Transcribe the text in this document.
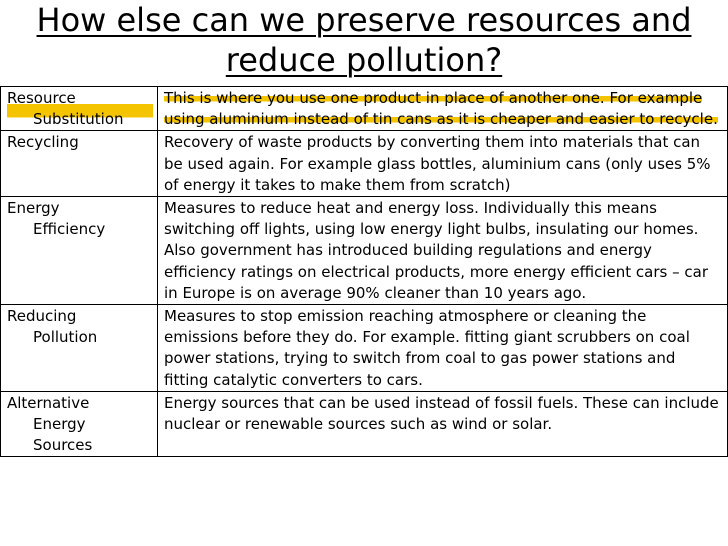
How else can we preserve resources and
reduce pollution?
Resource
Substitution	This is where you use one product in place of another one. For example using aluminium instead of tin cans as it is cheaper and easier to recycle.

Recycling	Recovery of waste products by converting them into materials that can be used again. For example glass bottles, aluminium cans (only uses 5% of energy it takes to make them from scratch)

Energy
Efficiency	Measures to reduce heat and energy loss. Individually this means switching off lights, using low energy light bulbs, insulating our homes. Also government has introduced building regulations and energy efficiency ratings on electrical products, more energy efficient cars – car in Europe is on average 90% cleaner than 10 years ago.

Reducing
Pollution	Measures to stop emission reaching atmosphere or cleaning the emissions before they do. For example. fitting giant scrubbers on coal power stations, trying to switch from coal to gas power stations and fitting catalytic converters to cars.

Alternative
Energy
Sources	Energy sources that can be used instead of fossil fuels. These can include nuclear or renewable sources such as wind or solar.
